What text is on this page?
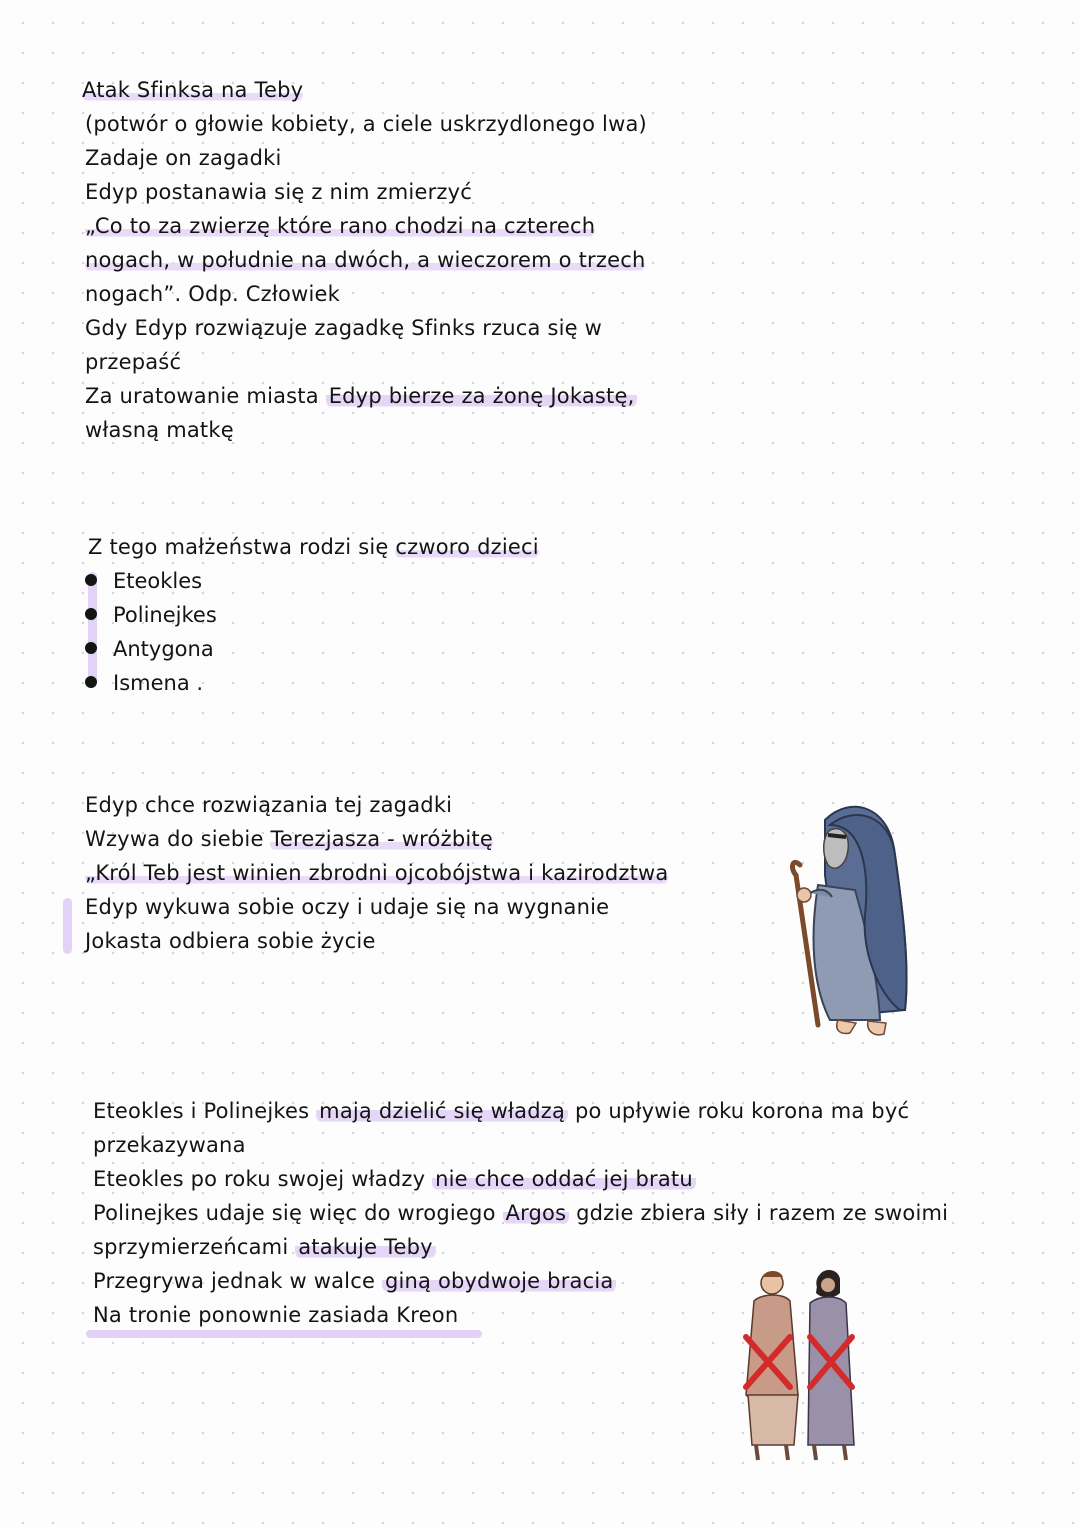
Atak Sfinksa na Teby
(potwór o głowie kobiety, a ciele uskrzydlonego lwa)
Zadaje on zagadki
Edyp postanawia się z nim zmierzyć
„Co to za zwierzę które rano chodzi na czterech
nogach, w południe na dwóch, a wieczorem o trzech
nogach”. Odp. Człowiek
Gdy Edyp rozwiązuje zagadkę Sfinks rzuca się w
przepaść
Za uratowanie miasta Edyp bierze za żonę Jokastę,
własną matkę
Z tego małżeństwa rodzi się czworo dzieci
Eteokles
Polinejkes
Antygona
Ismena .
Edyp chce rozwiązania tej zagadki
Wzywa do siebie Terezjasza - wróżbitę
„Król Teb jest winien zbrodni ojcobójstwa i kazirodztwa
Edyp wykuwa sobie oczy i udaje się na wygnanie
Jokasta odbiera sobie życie
Eteokles i Polinejkes mają dzielić się władzą po upływie roku korona ma być
przekazywana
Eteokles po roku swojej władzy nie chce oddać jej bratu
Polinejkes udaje się więc do wrogiego Argos gdzie zbiera siły i razem ze swoimi
sprzymierzeńcami atakuje Teby
Przegrywa jednak w walce giną obydwoje bracia
Na tronie ponownie zasiada Kreon
